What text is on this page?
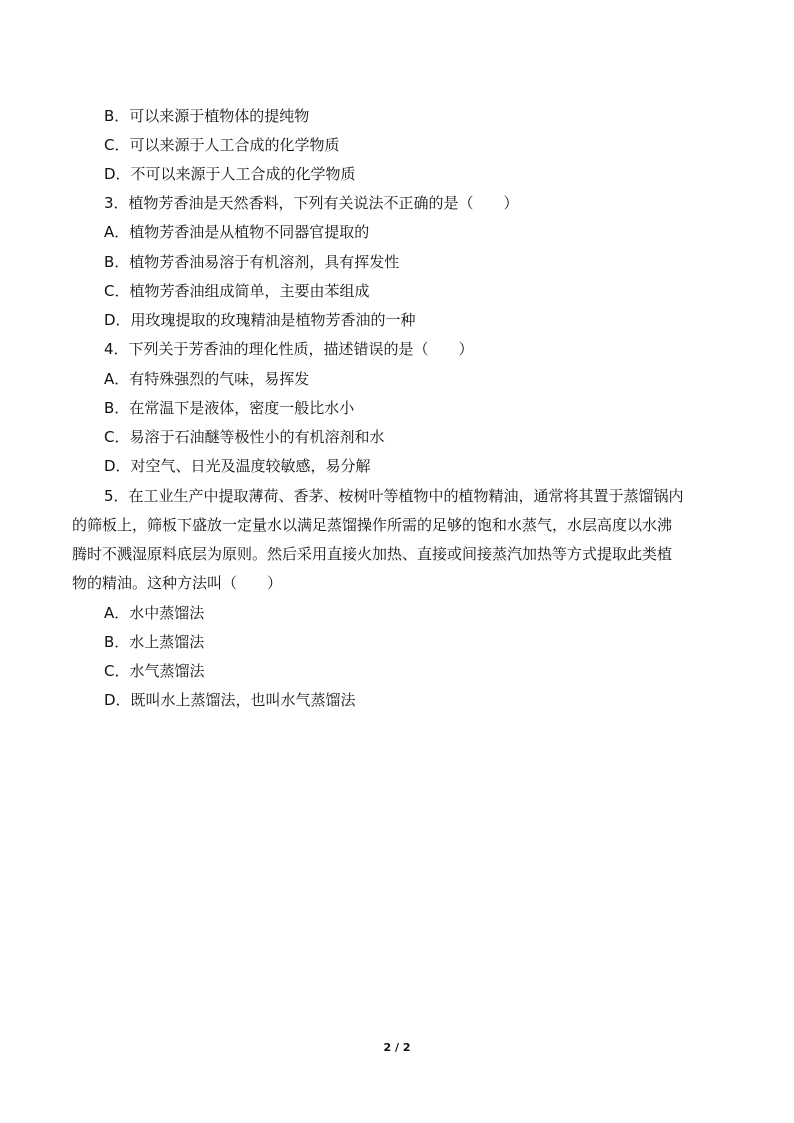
B．可以来源于植物体的提纯物
C．可以来源于人工合成的化学物质
D．不可以来源于人工合成的化学物质
3．植物芳香油是天然香料，下列有关说法不正确的是（　　）
A．植物芳香油是从植物不同器官提取的
B．植物芳香油易溶于有机溶剂，具有挥发性
C．植物芳香油组成简单，主要由苯组成
D．用玫瑰提取的玫瑰精油是植物芳香油的一种
4．下列关于芳香油的理化性质，描述错误的是（　　）
A．有特殊强烈的气味，易挥发
B．在常温下是液体，密度一般比水小
C．易溶于石油醚等极性小的有机溶剂和水
D．对空气、日光及温度较敏感，易分解
5．在工业生产中提取薄荷、香茅、桉树叶等植物中的植物精油，通常将其置于蒸馏锅内
的筛板上，筛板下盛放一定量水以满足蒸馏操作所需的足够的饱和水蒸气，水层高度以水沸
腾时不溅湿原料底层为原则。然后采用直接火加热、直接或间接蒸汽加热等方式提取此类植
物的精油。这种方法叫（　　）
A．水中蒸馏法
B．水上蒸馏法
C．水气蒸馏法
D．既叫水上蒸馏法，也叫水气蒸馏法
2 / 2
